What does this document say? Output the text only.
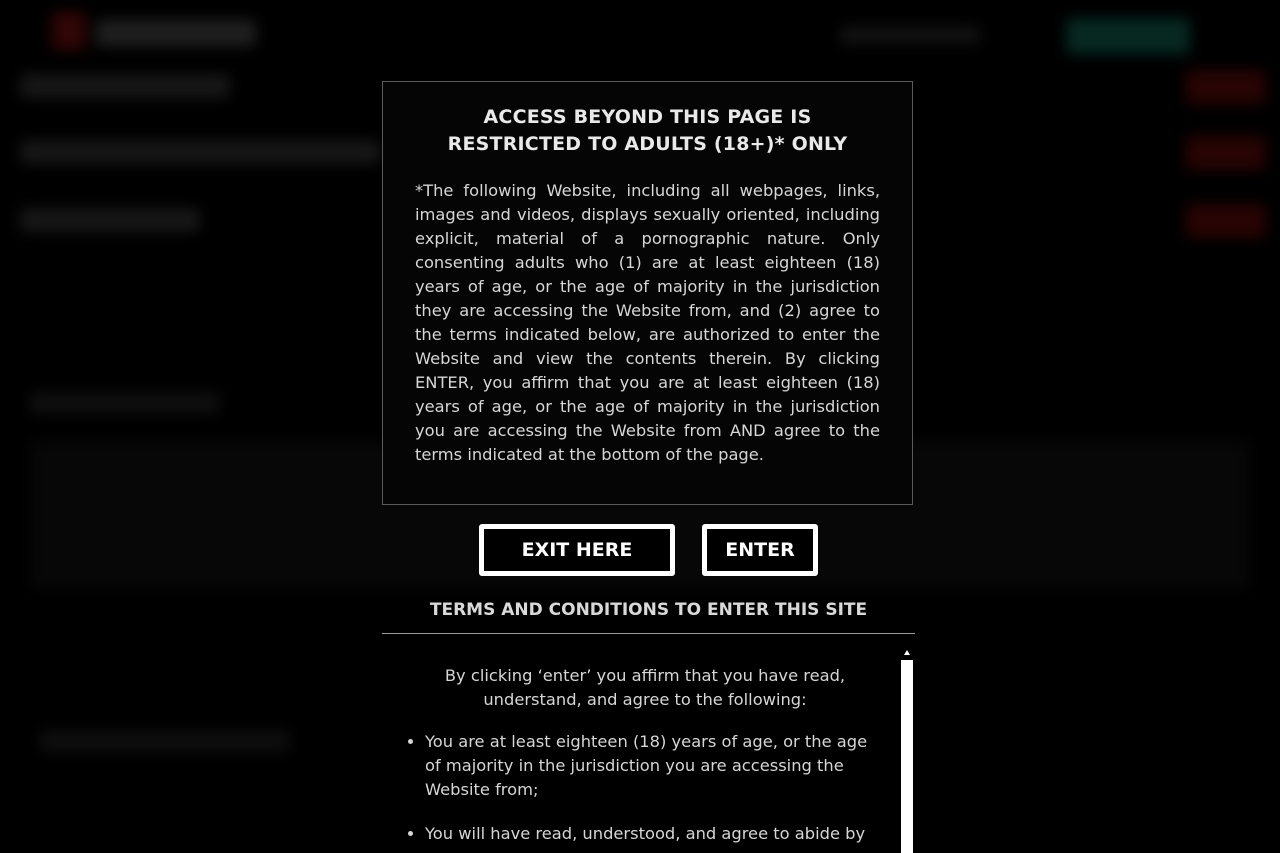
ACCESS BEYOND THIS PAGE IS
RESTRICTED TO ADULTS (18+)* ONLY
*The following Website, including all webpages, links, images and videos, displays sexually oriented, including explicit, material of a pornographic nature. Only consenting adults who (1) are at least eighteen (18) years of age, or the age of majority in the jurisdiction they are accessing the Website from, and (2) agree to the terms indicated below, are authorized to enter the Website and view the contents therein. By clicking ENTER, you affirm that you are at least eighteen (18) years of age, or the age of majority in the jurisdiction you are accessing the Website from AND agree to the terms indicated at the bottom of the page.
EXIT HERE	ENTER
TERMS AND CONDITIONS TO ENTER THIS SITE
By clicking ‘enter’ you affirm that you have read, understand, and agree to the following:
• You are at least eighteen (18) years of age, or the age of majority in the jurisdiction you are accessing the Website from;
• You will have read, understood, and agree to abide by
